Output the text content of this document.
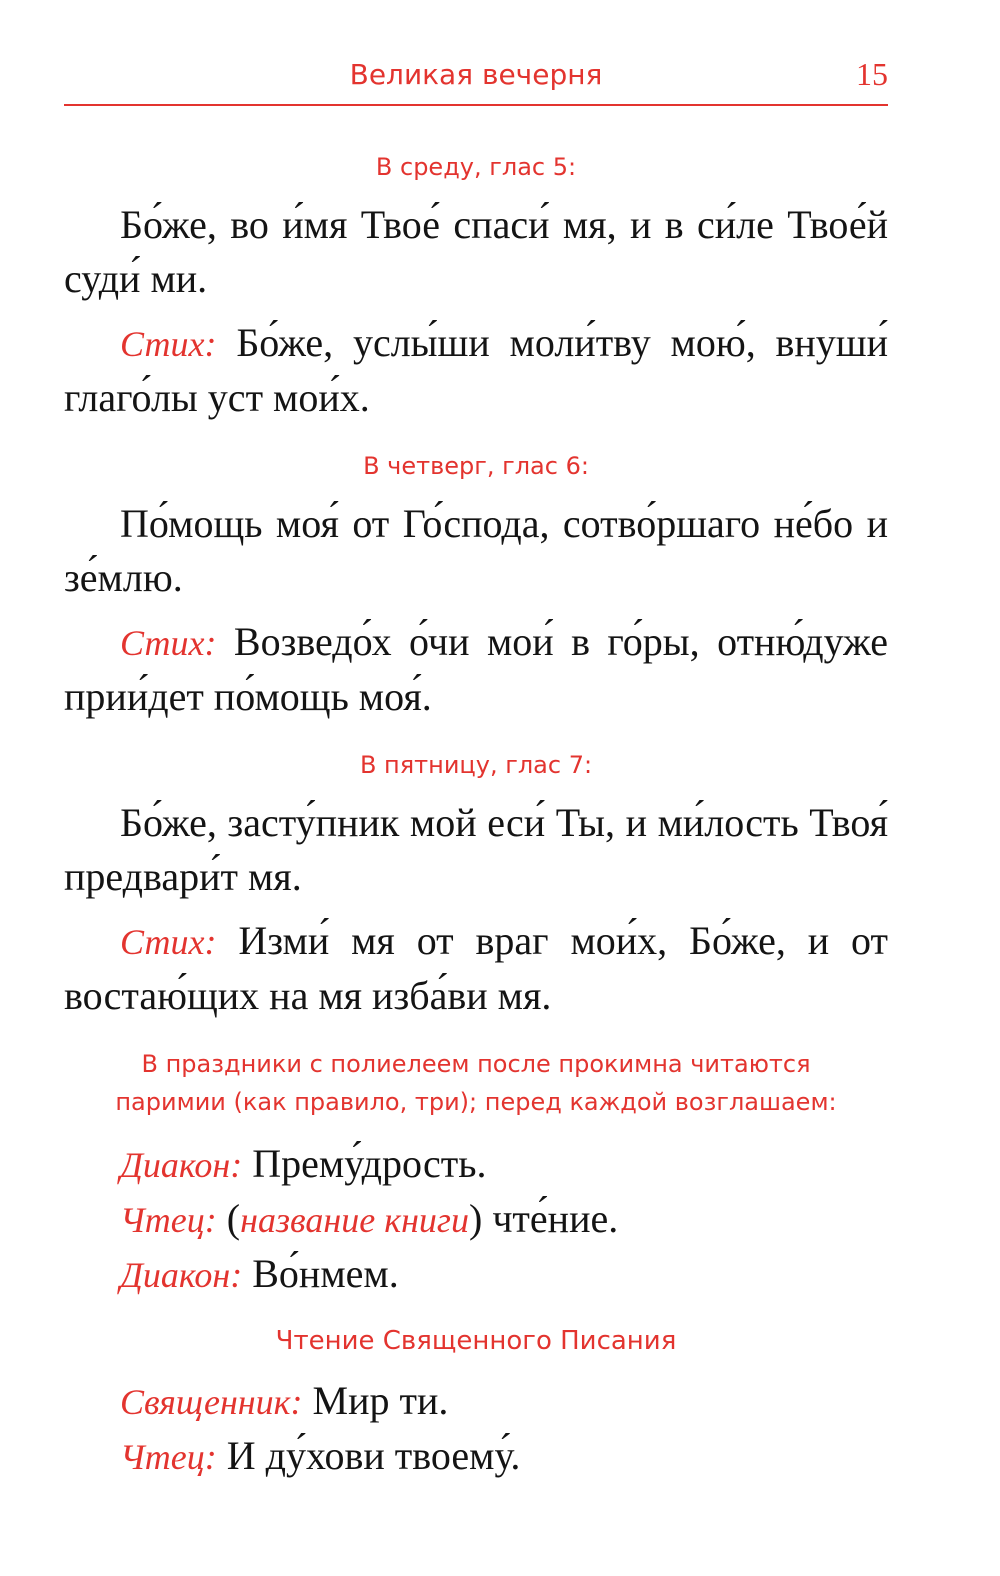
Великая вечерня	15
В среду, глас 5:

Бо́же, во и́мя Твое́ спаси́ мя, и в си́ле Твое́й суди́ ми.

Стих: Бо́же, услы́ши моли́тву мою́, внуши́ глаго́лы уст мои́х.

В четверг, глас 6:

По́мощь моя́ от Го́спода, сотво́ршаго не́бо и зе́млю.

Стих: Возведо́х о́чи мои́ в го́ры, отню́дуже прии́дет по́мощь моя́.

В пятницу, глас 7:

Бо́же, засту́пник мой еси́ Ты, и ми́лость Твоя́ предвари́т мя.

Стих: Изми́ мя от враг мои́х, Бо́же, и от востаю́щих на мя изба́ви мя.

В праздники с полиелеем после прокимна читаются паримии (как правило, три); перед каждой возглашаем:

Диакон: Прему́дрость.

Чтец: (название книги) чте́ние.

Диакон: Во́нмем.

Чтение Священного Писания

Священник: Мир ти.

Чтец: И ду́хови твоему́.
